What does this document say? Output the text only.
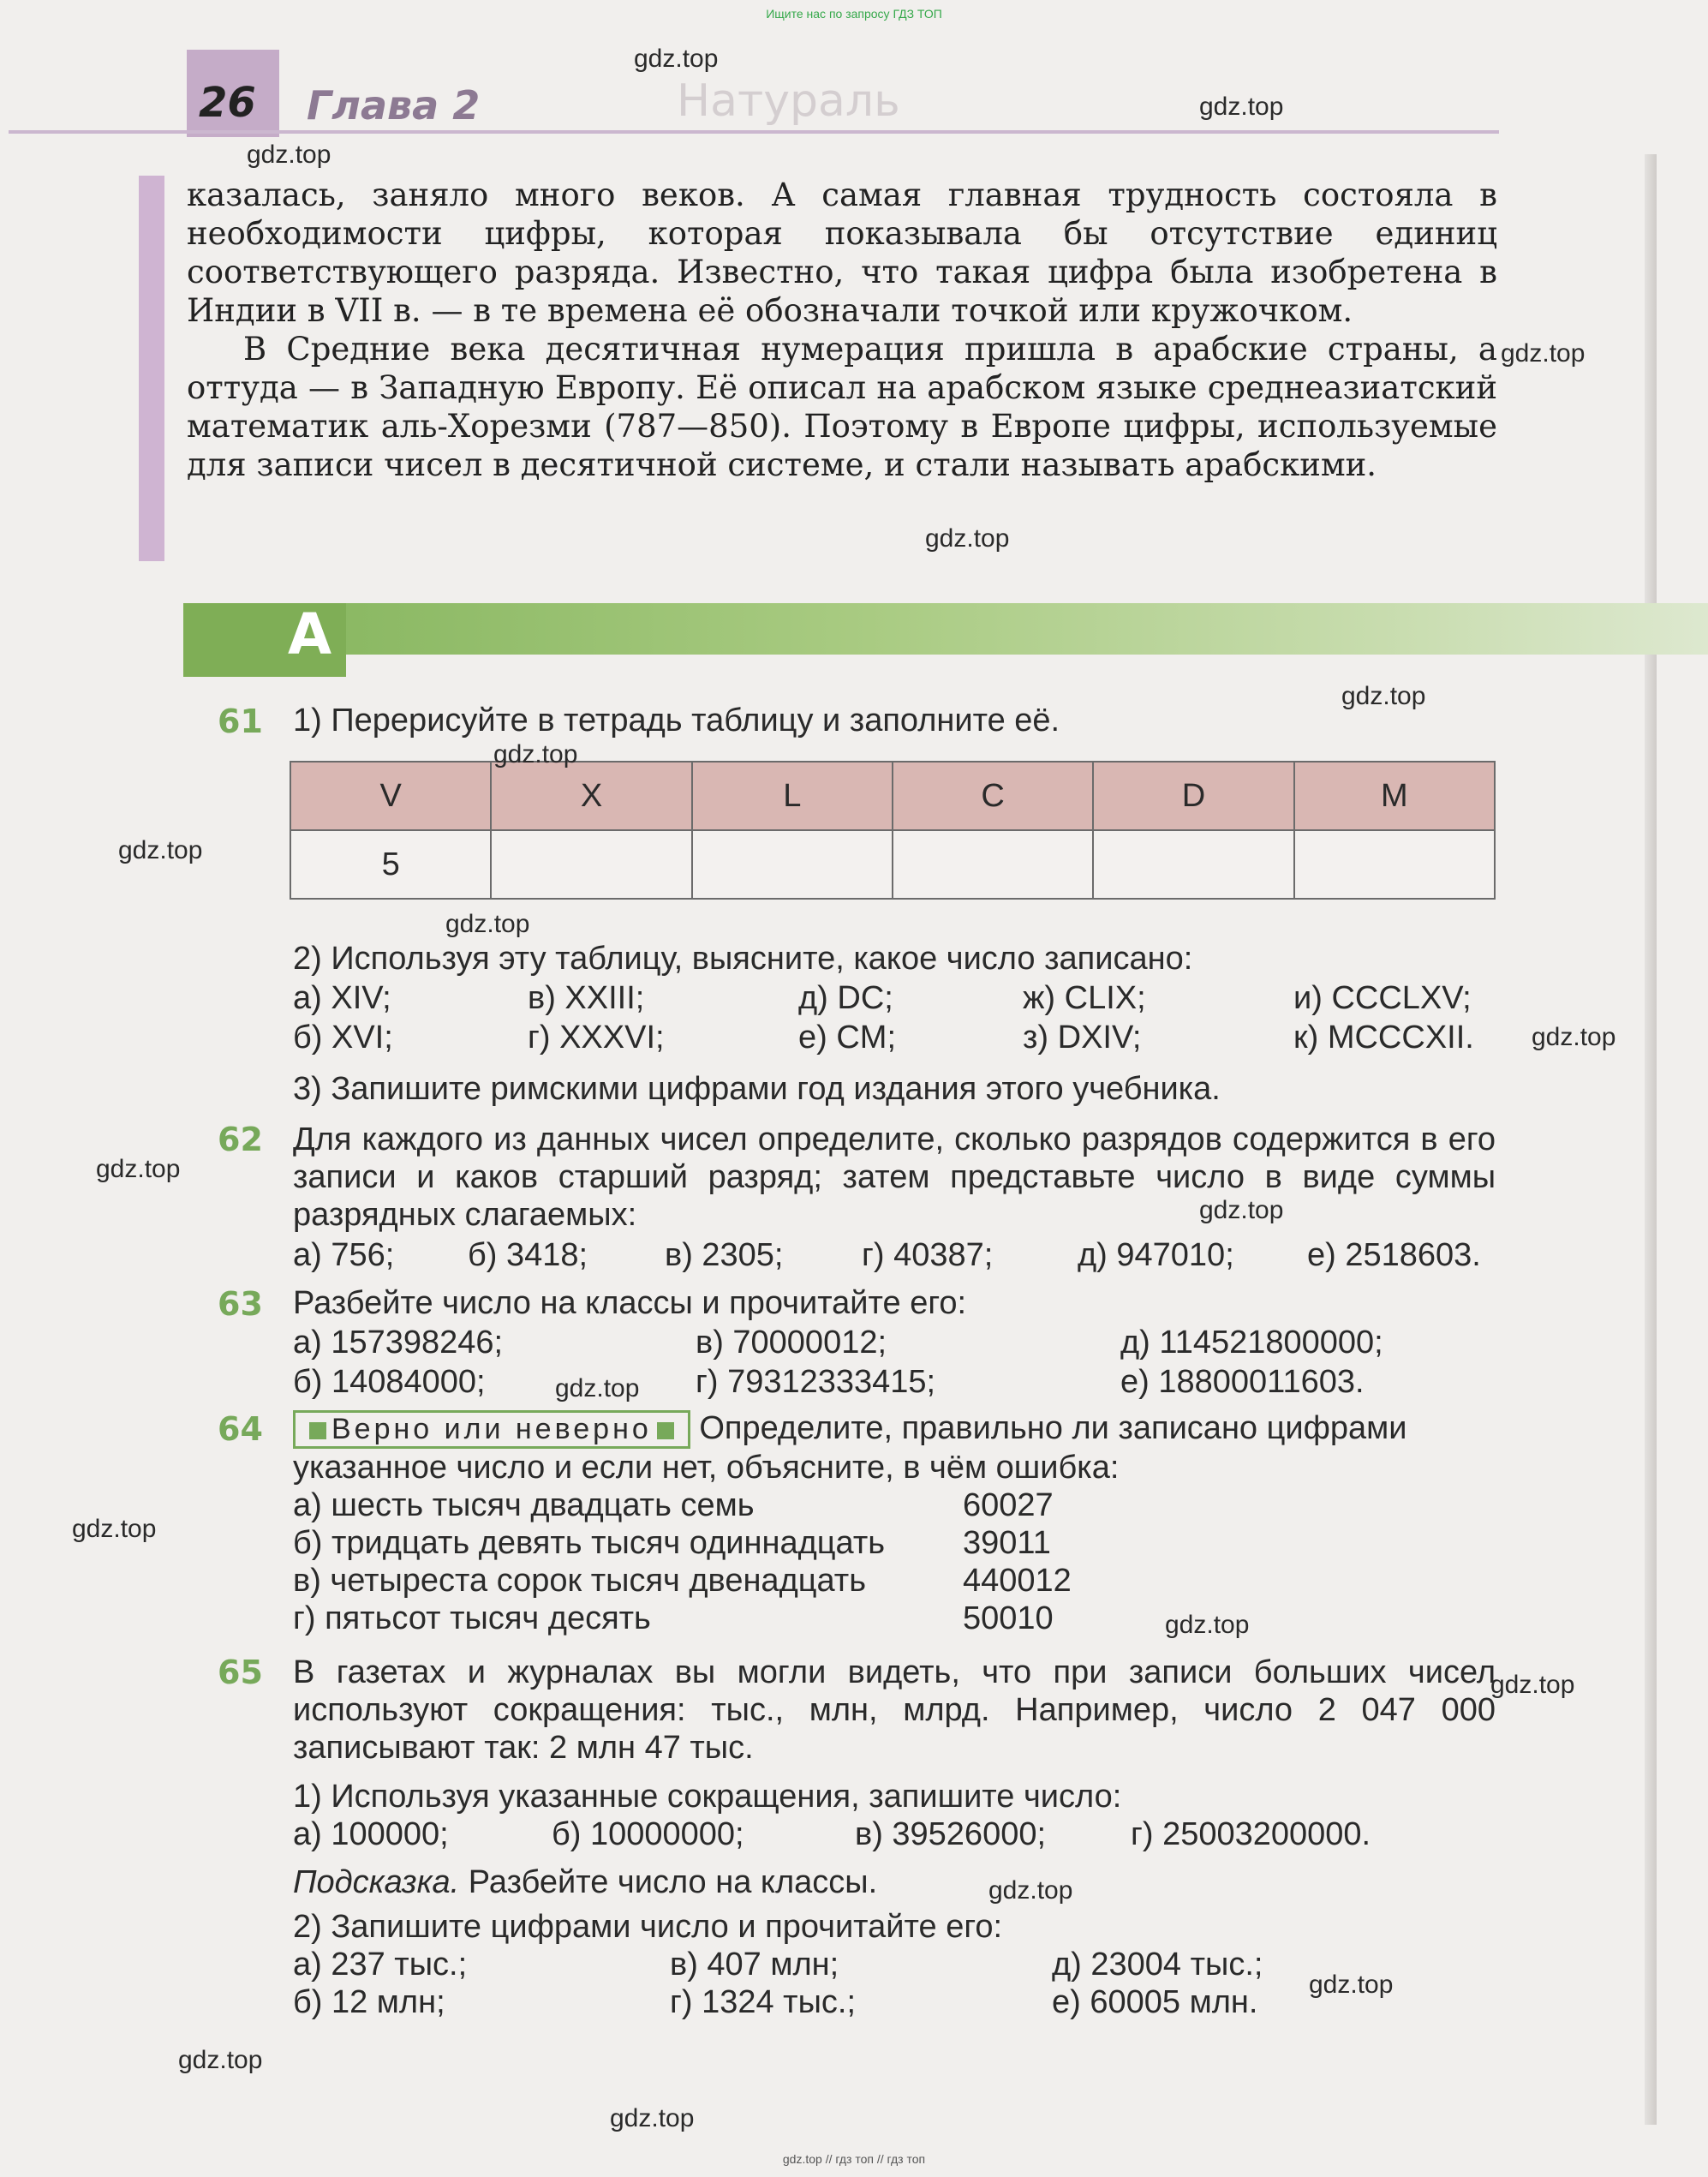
Ищите нас по запросу ГДЗ ТОП
26 Глава 2	Натураль

казалась, заняло много веков. А самая главная трудность состояла в необходимости цифры, которая показывала бы отсутствие единиц соответствующего разряда. Известно, что такая цифра была изобретена в Индии в VII в. — в те времена её обозначали точкой или кружочком.

В Средние века десятичная нумерация пришла в арабские страны, а оттуда — в Западную Европу. Её описал на арабском языке среднеазиатский математик аль-Хорезми (787—850). Поэтому в Европе цифры, используемые для записи чисел в десятичной системе, и стали называть арабскими.

А
61 1) Перерисуйте в тетрадь таблицу и заполните её.
V	X	L	C	D	M
5					
2) Используя эту таблицу, выясните, какое число записано:
а) XIV;	в) XXIII;	д) DC;	ж) CLIX;	и) CCCLXV;
б) XVI;	г) XXXVI;	е) CM;	з) DXIV;	к) MCCCXII.
3) Запишите римскими цифрами год издания этого учебника.
62 Для каждого из данных чисел определите, сколько разрядов содержится в его записи и каков старший разряд; затем представьте число в виде суммы разрядных слагаемых:
а) 756; б) 3418; в) 2305; г) 40387;	д) 947010; е) 2518603.
63 Разбейте число на классы и прочитайте его:
а) 157398246;	в) 70000012;	д) 114521800000;
б) 14084000;	г) 79312333415;	е) 18800011603.
64	Верно или неверно Определите, правильно ли записано цифрами
указанное число и если нет, объясните, в чём ошибка:
а) шесть тысяч двадцать семь	60027
б) тридцать девять тысяч одиннадцать 39011
в) четыреста сорок тысяч двенадцать	440012
г) пятьсот тысяч десять	50010
65 В газетах и журналах вы могли видеть, что при записи больших чисел используют сокращения: тыс., млн, млрд. Например, число 2 047 000 записывают так: 2 млн 47 тыс.
1) Используя указанные сокращения, запишите число:
а) 100000;	б) 10000000;	в) 39526000;	г) 25003200000.
Подсказка. Разбейте число на классы.
2) Запишите цифрами число и прочитайте его:
а) 237 тыс.;	в) 407 млн;	д) 23004 тыс.;
б) 12 млн;	г) 1324 тыс.;	е) 60005 млн.
gdz.top
gdz.top
gdz.top
gdz.top
gdz.top
gdz.top
gdz.top
gdz.top
gdz.top
gdz.top
gdz.top
gdz.top
gdz.top
gdz.top
gdz.top
gdz.top
gdz.top
gdz.top
gdz.top
gdz.top
gdz.top // гдз топ // гдз топ
